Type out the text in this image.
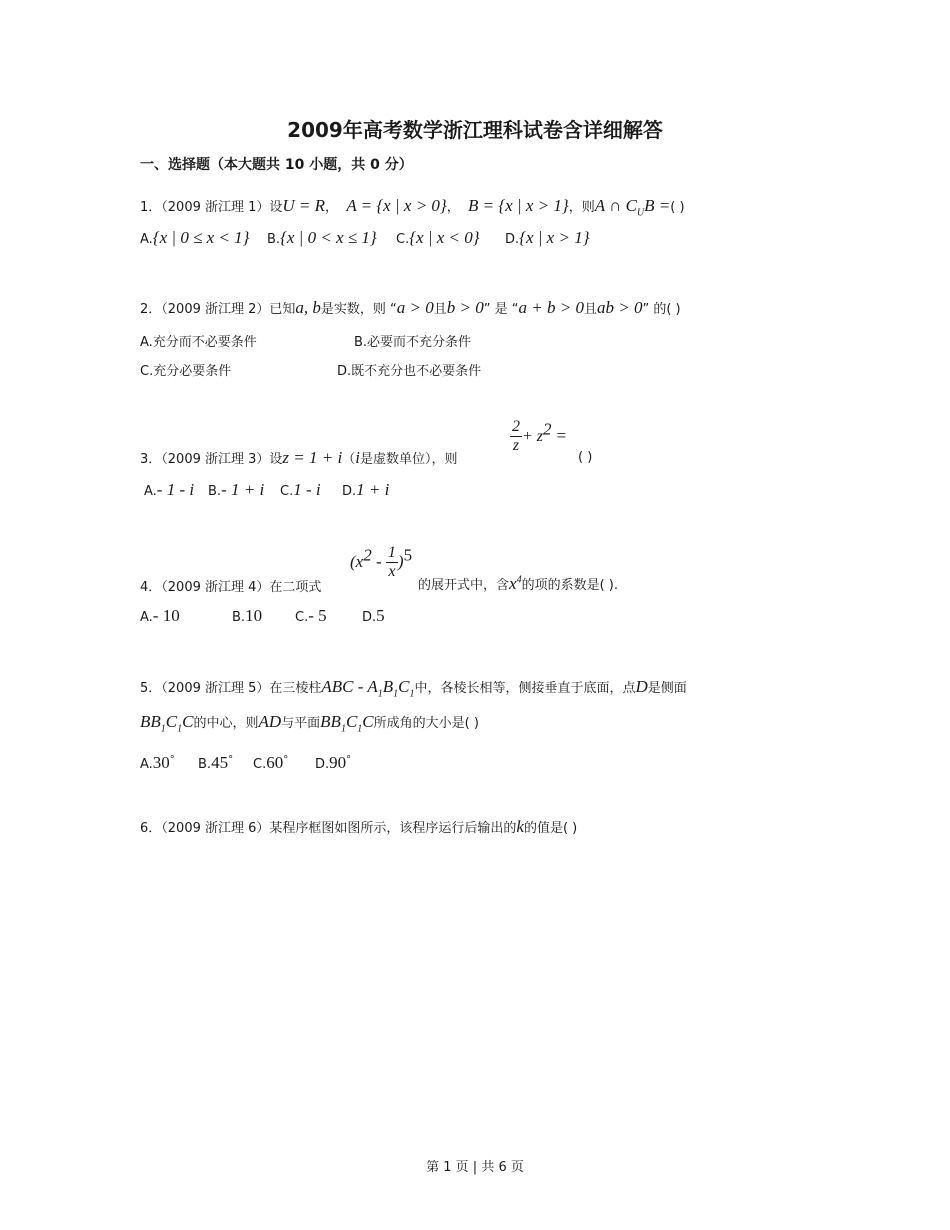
2009年高考数学浙江理科试卷含详细解答
一、选择题（本大题共 10 小题，共 0 分）
1．（2009 浙江理 1）设U = R， A = {x | x > 0}， B = {x | x > 1}，则A ∩ $C_UB$ =( )
A.{x | 0 ≤ x < 1} B.{x | 0 < x ≤ 1} C.{x | x < 0} D.{x | x > 1}
2．（2009 浙江理 2）已知a, b是实数，则 “a > 0且b > 0” 是 “a + b > 0且ab > 0” 的( )
A.充分而不必要条件	B.必要而不充分条件
C.充分必要条件	D.既不充分也不必要条件
3．（2009 浙江理 3）设z = 1 + i（i是虚数单位），则
$\frac{2}{z} + z^2$ =
( )
A.- 1 - i B.- 1 + i C.1 - i D.1 + i
4．（2009 浙江理 4）在二项式
$(x^2 - \frac{1}{x} )^5$
的展开式中，含$x^4$的项的系数是( ).
A.- 10	B.10	C.- 5	D.5
5．（2009 浙江理 5）在三棱柱ABC - $A_1B_1C_1$中，各棱长相等，侧接垂直于底面，点D是侧面
$BB_1C_1C$的中心，则AD与平面$BB_1C_1C$所成角的大小是( )
A.30° B.45° C.60° D.90°
6．（2009 浙江理 6）某程序框图如图所示，该程序运行后输出的k的值是( )
第 1 页 | 共 6 页
